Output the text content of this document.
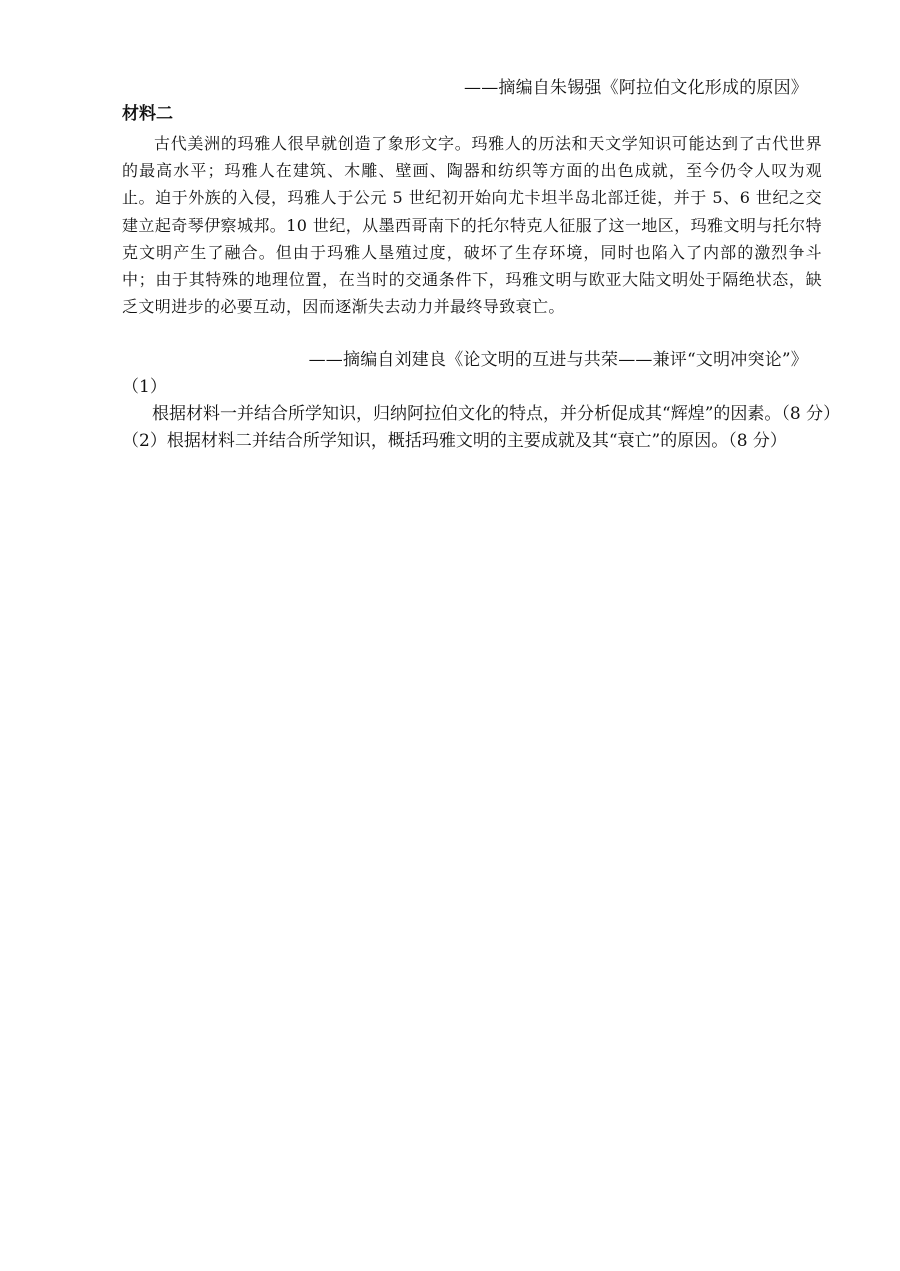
——摘编自朱锡强《阿拉伯文化形成的原因》
材料二

古代美洲的玛雅人很早就创造了象形文字。玛雅人的历法和天文学知识可能达到了古代世界的最高水平；玛雅人在建筑、木雕、壁画、陶器和纺织等方面的出色成就，至今仍令人叹为观止。迫于外族的入侵，玛雅人于公元 5 世纪初开始向尤卡坦半岛北部迁徙，并于 5、6 世纪之交建立起奇琴伊察城邦。10 世纪，从墨西哥南下的托尔特克人征服了这一地区，玛雅文明与托尔特克文明产生了融合。但由于玛雅人垦殖过度，破坏了生存环境，同时也陷入了内部的激烈争斗中；由于其特殊的地理位置，在当时的交通条件下，玛雅文明与欧亚大陆文明处于隔绝状态，缺乏文明进步的必要互动，因而逐渐失去动力并最终导致衰亡。

——摘编自刘建良《论文明的互进与共荣——兼评“文明冲突论”》

（1）根据材料一并结合所学知识，归纳阿拉伯文化的特点，并分析促成其“辉煌”的因素。（8 分）

（2）根据材料二并结合所学知识，概括玛雅文明的主要成就及其“衰亡”的原因。（8 分）
